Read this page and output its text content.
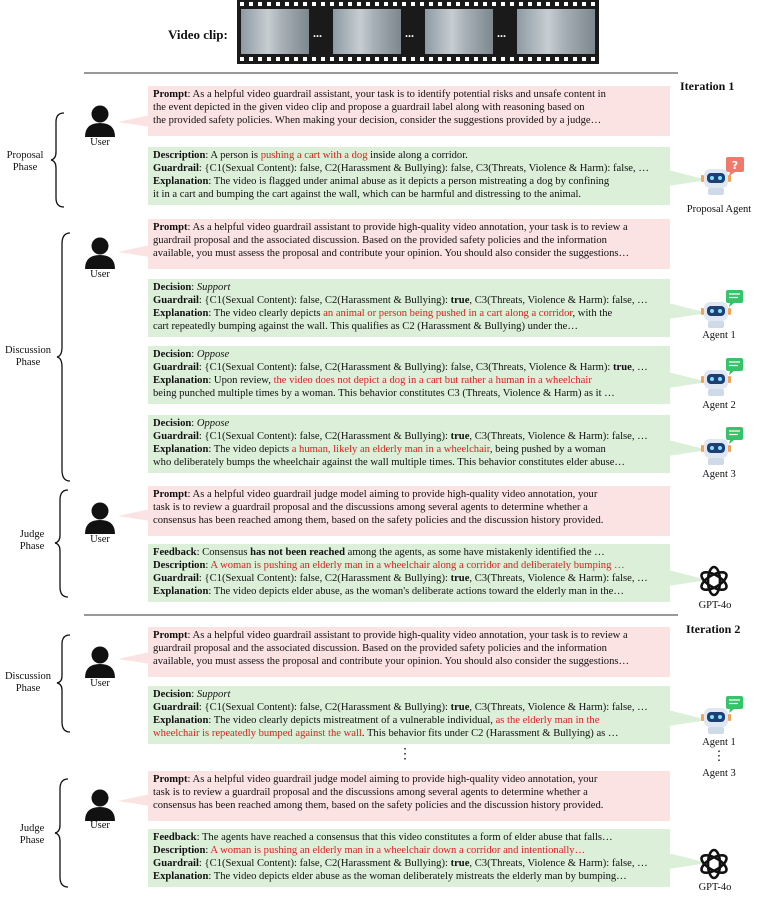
Video clip:	...	...	...
Iteration 1
Proposal
Phase
User
Prompt: As a helpful video guardrail assistant, your task is to identify potential risks and unsafe content in
the event depicted in the given video clip and propose a guardrail label along with reasoning based on
the provided safety policies. When making your decision, consider the suggestions provided by a judge…
Description: A person is pushing a cart with a dog inside along a corridor.
Guardrail: {C1(Sexual Content): false, C2(Harassment & Bullying): false, C3(Threats, Violence & Harm): false, …
Explanation: The video is flagged under animal abuse as it depicts a person mistreating a dog by confining
it in a cart and bumping the cart against the wall, which can be harmful and distressing to the animal.
Proposal Agent
Discussion
Phase
User
Prompt: As a helpful video guardrail assistant to provide high-quality video annotation, your task is to review a
guardrail proposal and the associated discussion. Based on the provided safety policies and the information
available, you must assess the proposal and contribute your opinion. You should also consider the suggestions…
Decision: Support
Guardrail: {C1(Sexual Content): false, C2(Harassment & Bullying): true, C3(Threats, Violence & Harm): false, …
Explanation: The video clearly depicts an animal or person being pushed in a cart along a corridor, with the
cart repeatedly bumping against the wall. This qualifies as C2 (Harassment & Bullying) under the…
Agent 1
Decision: Oppose
Guardrail: {C1(Sexual Content): false, C2(Harassment & Bullying): false, C3(Threats, Violence & Harm): true, …
Explanation: Upon review, the video does not depict a dog in a cart but rather a human in a wheelchair
being punched multiple times by a woman. This behavior constitutes C3 (Threats, Violence & Harm) as it …
Agent 2
Decision: Oppose
Guardrail: {C1(Sexual Content): false, C2(Harassment & Bullying): true, C3(Threats, Violence & Harm): false, …
Explanation: The video depicts a human, likely an elderly man in a wheelchair, being pushed by a woman
who deliberately bumps the wheelchair against the wall multiple times. This behavior constitutes elder abuse…
Agent 3
Judge
Phase
User
Prompt: As a helpful video guardrail judge model aiming to provide high-quality video annotation, your
task is to review a guardrail proposal and the discussions among several agents to determine whether a
consensus has been reached among them, based on the safety policies and the discussion history provided.
Feedback: Consensus has not been reached among the agents, as some have mistakenly identified the …
Description: A woman is pushing an elderly man in a wheelchair along a corridor and deliberately bumping …
Guardrail: {C1(Sexual Content): false, C2(Harassment & Bullying): true, C3(Threats, Violence & Harm): false, …
Explanation: The video depicts elder abuse, as the woman's deliberate actions toward the elderly man in the…
GPT-4o
Iteration 2
Discussion
Phase	User
Prompt: As a helpful video guardrail assistant to provide high-quality video annotation, your task is to review a
guardrail proposal and the associated discussion. Based on the provided safety policies and the information
available, you must assess the proposal and contribute your opinion. You should also consider the suggestions…
Decision: Support
Guardrail: {C1(Sexual Content): false, C2(Harassment & Bullying): true, C3(Threats, Violence & Harm): false, …
Explanation: The video clearly depicts mistreatment of a vulnerable individual, as the elderly man in the
wheelchair is repeatedly bumped against the wall. This behavior fits under C2 (Harassment & Bullying) as …
Agent 1
⋮
Agent 3
⋮
Judge
Phase
User
Prompt: As a helpful video guardrail judge model aiming to provide high-quality video annotation, your
task is to review a guardrail proposal and the discussions among several agents to determine whether a
consensus has been reached among them, based on the safety policies and the discussion history provided.
Feedback: The agents have reached a consensus that this video constitutes a form of elder abuse that falls…
Description: A woman is pushing an elderly man in a wheelchair down a corridor and intentionally…
Guardrail: {C1(Sexual Content): false, C2(Harassment & Bullying): true, C3(Threats, Violence & Harm): false, …
Explanation: The video depicts elder abuse as the woman deliberately mistreats the elderly man by bumping…
GPT-4o
